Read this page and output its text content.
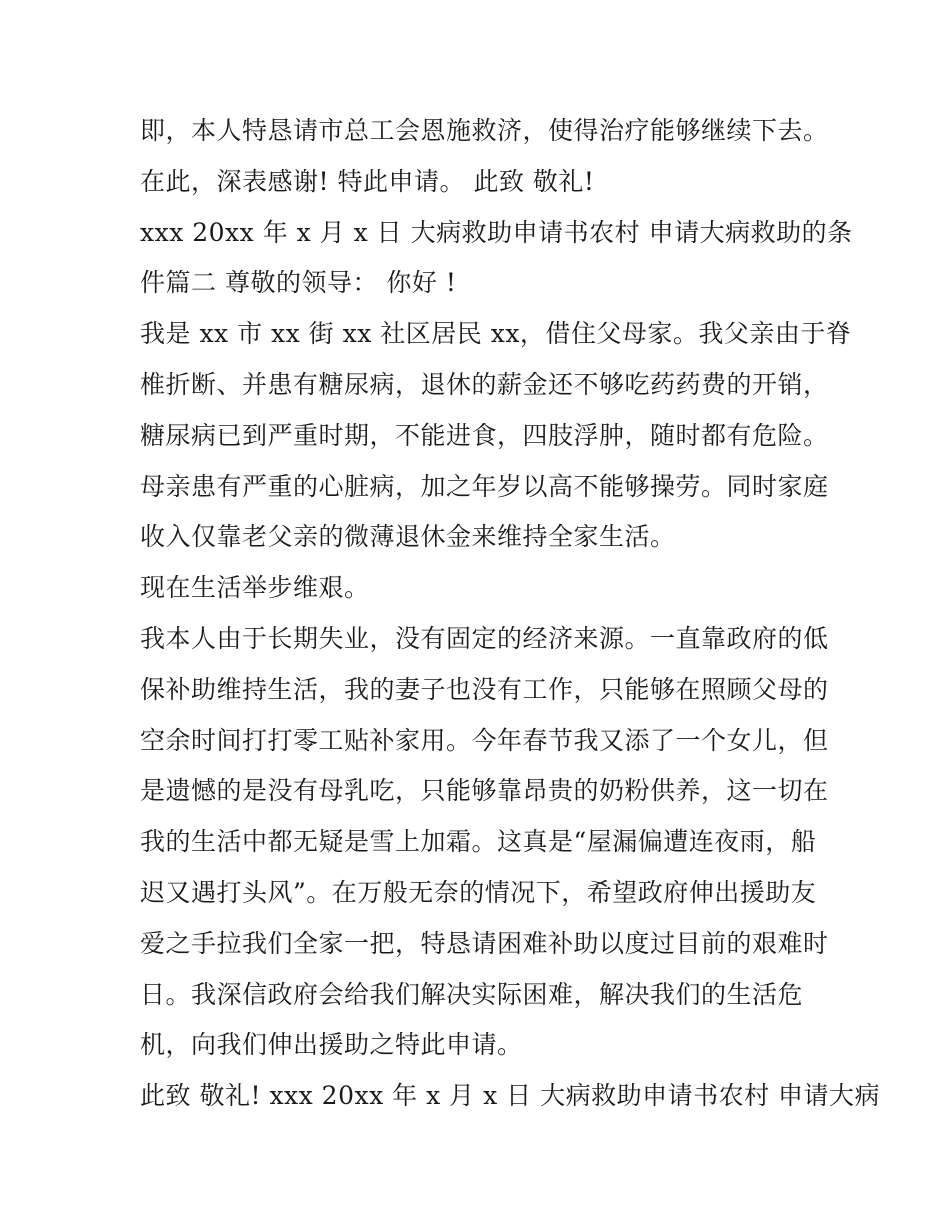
即，本人特恳请市总工会恩施救济，使得治疗能够继续下去。
在此，深表感谢! 特此申请。 此致 敬礼!
xxx 20xx 年 x 月 x 日 大病救助申请书农村 申请大病救助的条
件篇二 尊敬的领导： 你好 !
我是 xx 市 xx 街 xx 社区居民 xx，借住父母家。我父亲由于脊
椎折断、并患有糖尿病，退休的薪金还不够吃药药费的开销，
糖尿病已到严重时期，不能进食，四肢浮肿，随时都有危险。
母亲患有严重的心脏病，加之年岁以高不能够操劳。同时家庭
收入仅靠老父亲的微薄退休金来维持全家生活。
现在生活举步维艰。
我本人由于长期失业，没有固定的经济来源。一直靠政府的低
保补助维持生活，我的妻子也没有工作，只能够在照顾父母的
空余时间打打零工贴补家用。今年春节我又添了一个女儿，但
是遗憾的是没有母乳吃，只能够靠昂贵的奶粉供养，这一切在
我的生活中都无疑是雪上加霜。这真是“屋漏偏遭连夜雨，船
迟又遇打头风”。在万般无奈的情况下，希望政府伸出援助友
爱之手拉我们全家一把，特恳请困难补助以度过目前的艰难时
日。我深信政府会给我们解决实际困难，解决我们的生活危
机，向我们伸出援助之特此申请。
此致 敬礼! xxx 20xx 年 x 月 x 日 大病救助申请书农村 申请大病
